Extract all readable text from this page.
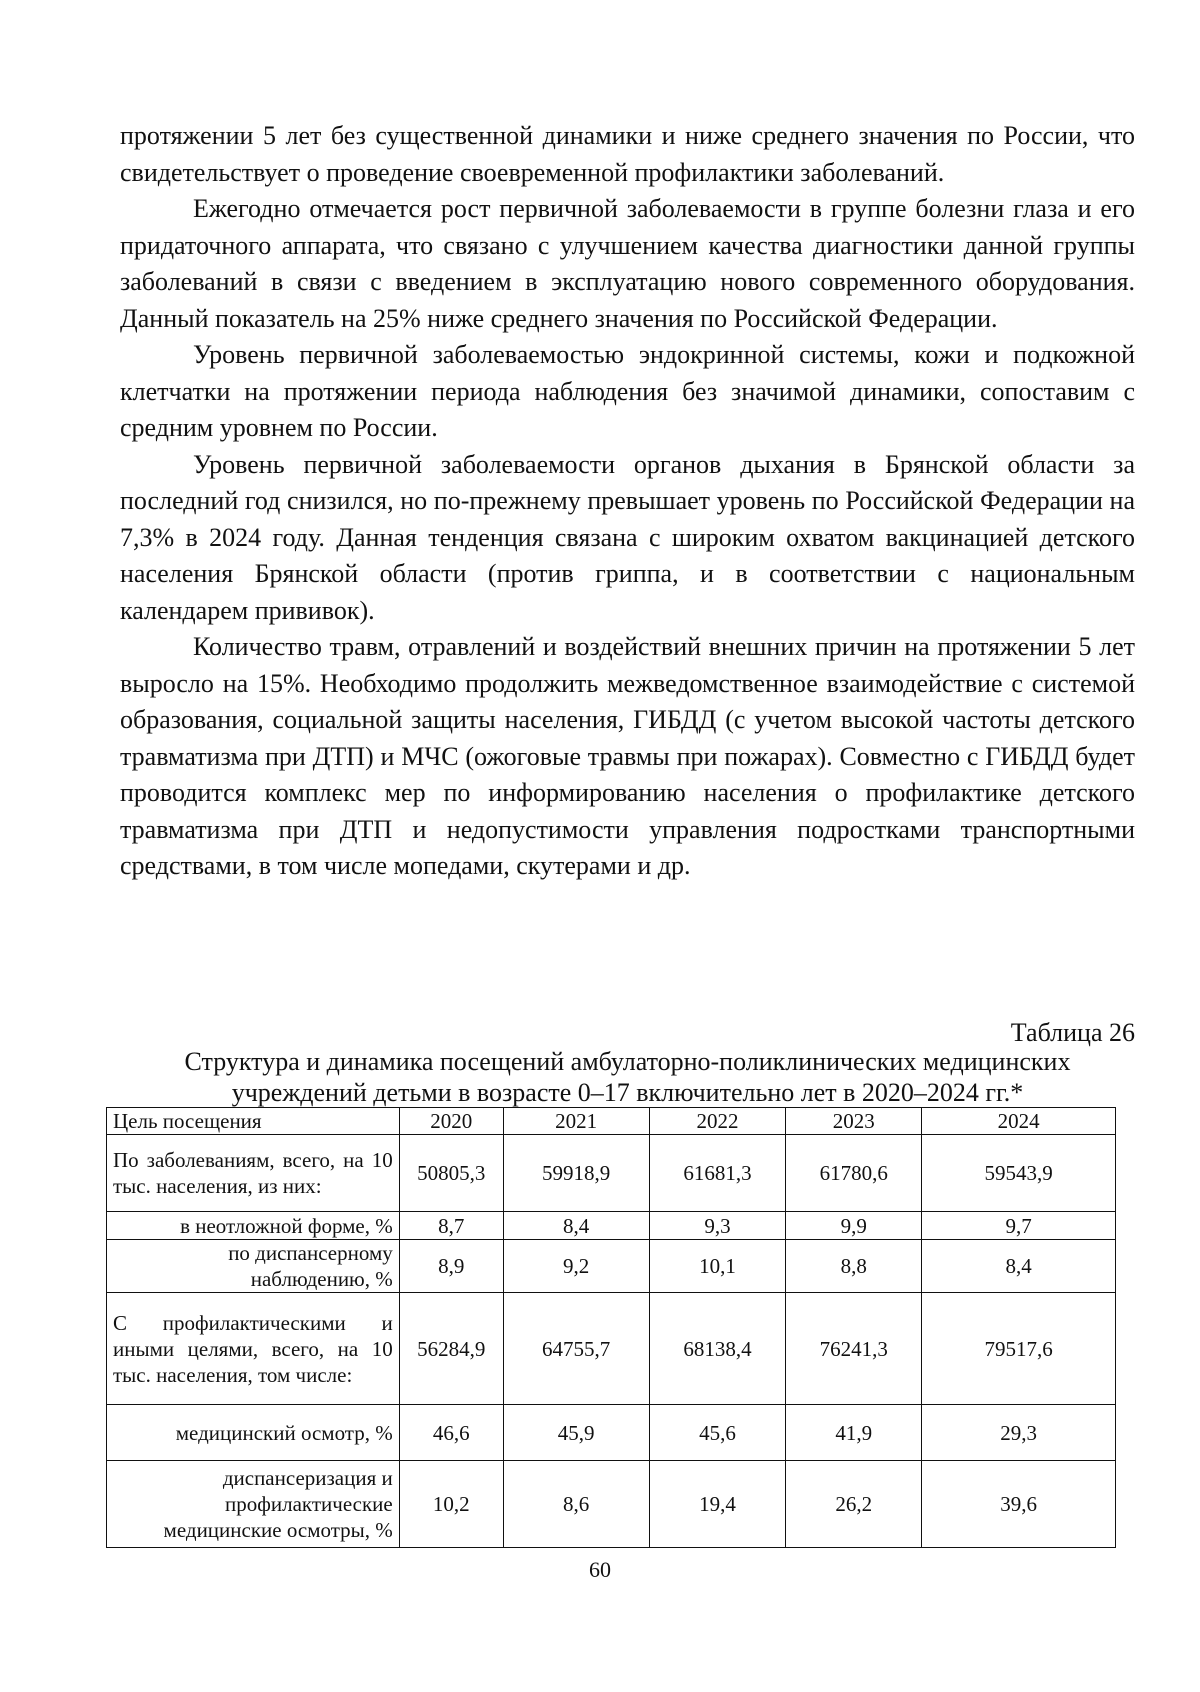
протяжении 5 лет без существенной динамики и ниже среднего значения по России, что свидетельствует о проведение своевременной профилактики заболеваний.

Ежегодно отмечается рост первичной заболеваемости в группе болезни глаза и его придаточного аппарата, что связано с улучшением качества диагностики данной группы заболеваний в связи с введением в эксплуатацию нового современного оборудования. Данный показатель на 25% ниже среднего значения по Российской Федерации.

Уровень первичной заболеваемостью эндокринной системы, кожи и подкожной клетчатки на протяжении периода наблюдения без значимой динамики, сопоставим с средним уровнем по России.

Уровень первичной заболеваемости органов дыхания в Брянской области за последний год снизился, но по-прежнему превышает уровень по Российской Федерации на 7,3% в 2024 году. Данная тенденция связана с широким охватом вакцинацией детского населения Брянской области (против гриппа, и в соответствии с национальным календарем прививок).

Количество травм, отравлений и воздействий внешних причин на протяжении 5 лет выросло на 15%. Необходимо продолжить межведомственное взаимодействие с системой образования, социальной защиты населения, ГИБДД (с учетом высокой частоты детского травматизма при ДТП) и МЧС (ожоговые травмы при пожарах). Совместно с ГИБДД будет проводится комплекс мер по информированию населения о профилактике детского травматизма при ДТП и недопустимости управления подростками транспортными средствами, в том числе мопедами, скутерами и др.

Таблица 26
Структура и динамика посещений амбулаторно-поликлинических медицинских учреждений детьми в возрасте 0–17 включительно лет в 2020–2024 гг.*
Цель посещения	2020	2021	2022	2023	2024
По заболеваниям, всего, на 10 тыс. населения, из них:	50805,3	59918,9	61681,3	61780,6	59543,9
в неотложной форме, %	8,7	8,4	9,3	9,9	9,7
по диспансерному наблюдению, %	8,9	9,2	10,1	8,8	8,4
С профилактическими и иными целями, всего, на 10 тыс. населения, том числе:	56284,9	64755,7	68138,4	76241,3	79517,6
медицинский осмотр, %	46,6	45,9	45,6	41,9	29,3
диспансеризация и профилактические медицинские осмотры, %	10,2	8,6	19,4	26,2	39,6
60
